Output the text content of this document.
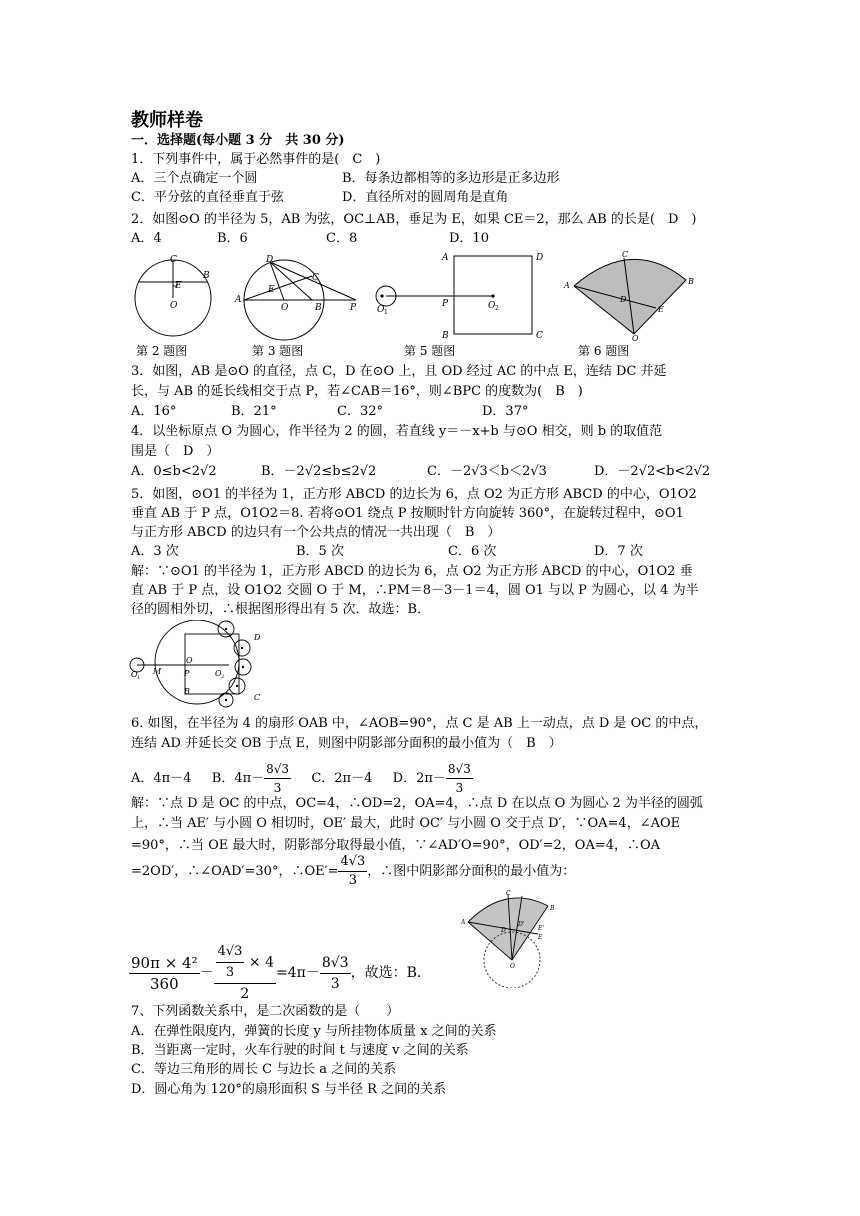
教师样卷
一．选择题(每小题 3 分　共 30 分)
1．下列事件中，属于必然事件的是(　C　)
A．三个点确定一个圆	B．每条边都相等的多边形是正多边形
C．平分弦的直径垂直于弦	D．直径所对的圆周角是直角
2．如图⊙O 的半径为 5，AB 为弦，OC⊥AB，垂足为 E，如果 CE＝2，那么 AB 的长是(　D　)
A．4	B．6	C．8	D．10
C
B
E
O
D
C
A
E
O	B	P
A	D
B	C
O 1
P	O 2
C
B
A
D
E
O
第 2 题图	第 3 题图	第 5 题图	第 6 题图
3．如图，AB 是⊙O 的直径，点 C，D 在⊙O 上，且 OD 经过 AC 的中点 E，连结 DC 并延
长，与 AB 的延长线相交于点 P，若∠CAB＝16°，则∠BPC 的度数为(　B　)
A．16°	B．21°	C．32°	D．37°
4．以坐标原点 O 为圆心，作半径为 2 的圆，若直线 y＝－x+b 与⊙O 相交，则 b 的取值范
围是（　D　）
A．0≤b<2√2	B．－2√2≤b≤2√2	C．－2√3＜b＜2√3	D．－2√2<b<2√2
5．如图，⊙O1 的半径为 1，正方形 ABCD 的边长为 6，点 O2 为正方形 ABCD 的中心，O1O2
垂直 AB 于 P 点，O1O2＝8. 若将⊙O1 绕点 P 按顺时针方向旋转 360°，在旋转过程中，⊙O1
与正方形 ABCD 的边只有一个公共点的情况一共出现（　B　）
A．3 次	B．5 次	C．6 次	D．7 次
解：∵⊙O1 的半径为 1，正方形 ABCD 的边长为 6，点 O2 为正方形 ABCD 的中心，O1O2 垂
直 AB 于 P 点，设 O1O2 交圆 O 于 M，∴PM＝8－3－1＝4，圆 O1 与以 P 为圆心，以 4 为半
径的圆相外切，∴根据图形得出有 5 次．故选：B．
D
C
O 1
M
O
P
B
O 2
6. 如图，在半径为 4 的扇形 OAB 中，∠AOB=90°，点 C 是 AB 上一动点，点 D 是 OC 的中点，
连结 AD 并延长交 OB 于点 E，则图中阴影部分面积的最小值为（　B　）
A．4π－4 B．$4\pi- \frac{8√3}{3}$ C．2π－4 D．$2\pi- \frac{8√3}{3}$
解：∵点 D 是 OC 的中点，OC=4，∴OD=2，OA=4，∴点 D 在以点 O 为圆心 2 为半径的圆弧
上，∴当 AE′ 与小圆 O 相切时，OE′ 最大，此时 OC′ 与小圆 O 交于点 D′，∵OA=4，∠AOE
=90°，∴当 OE 最大时，阴影部分取得最小值，∵∠AD′O=90°，OD′=2，OA=4，∴OA
=2OD′，∴∠OAD′=30°，∴OE′= $\frac{4√3}{3}$ ，∴图中阴影部分面积的最小值为：
C
B
A
D	E'
E
D'
O
$\frac{\text{90π × 4²}}{360} - \frac{\frac{4√3}{3} \times 4}{2} =4\pi- \frac{8√3}{3}$ ，故选：B.
7、下列函数关系中，是二次函数的是（　　）
A．在弹性限度内，弹簧的长度 y 与所挂物体质量 x 之间的关系
B．当距离一定时，火车行驶的时间 t 与速度 v 之间的关系
C．等边三角形的周长 C 与边长 a 之间的关系
D．圆心角为 120°的扇形面积 S 与半径 R 之间的关系
